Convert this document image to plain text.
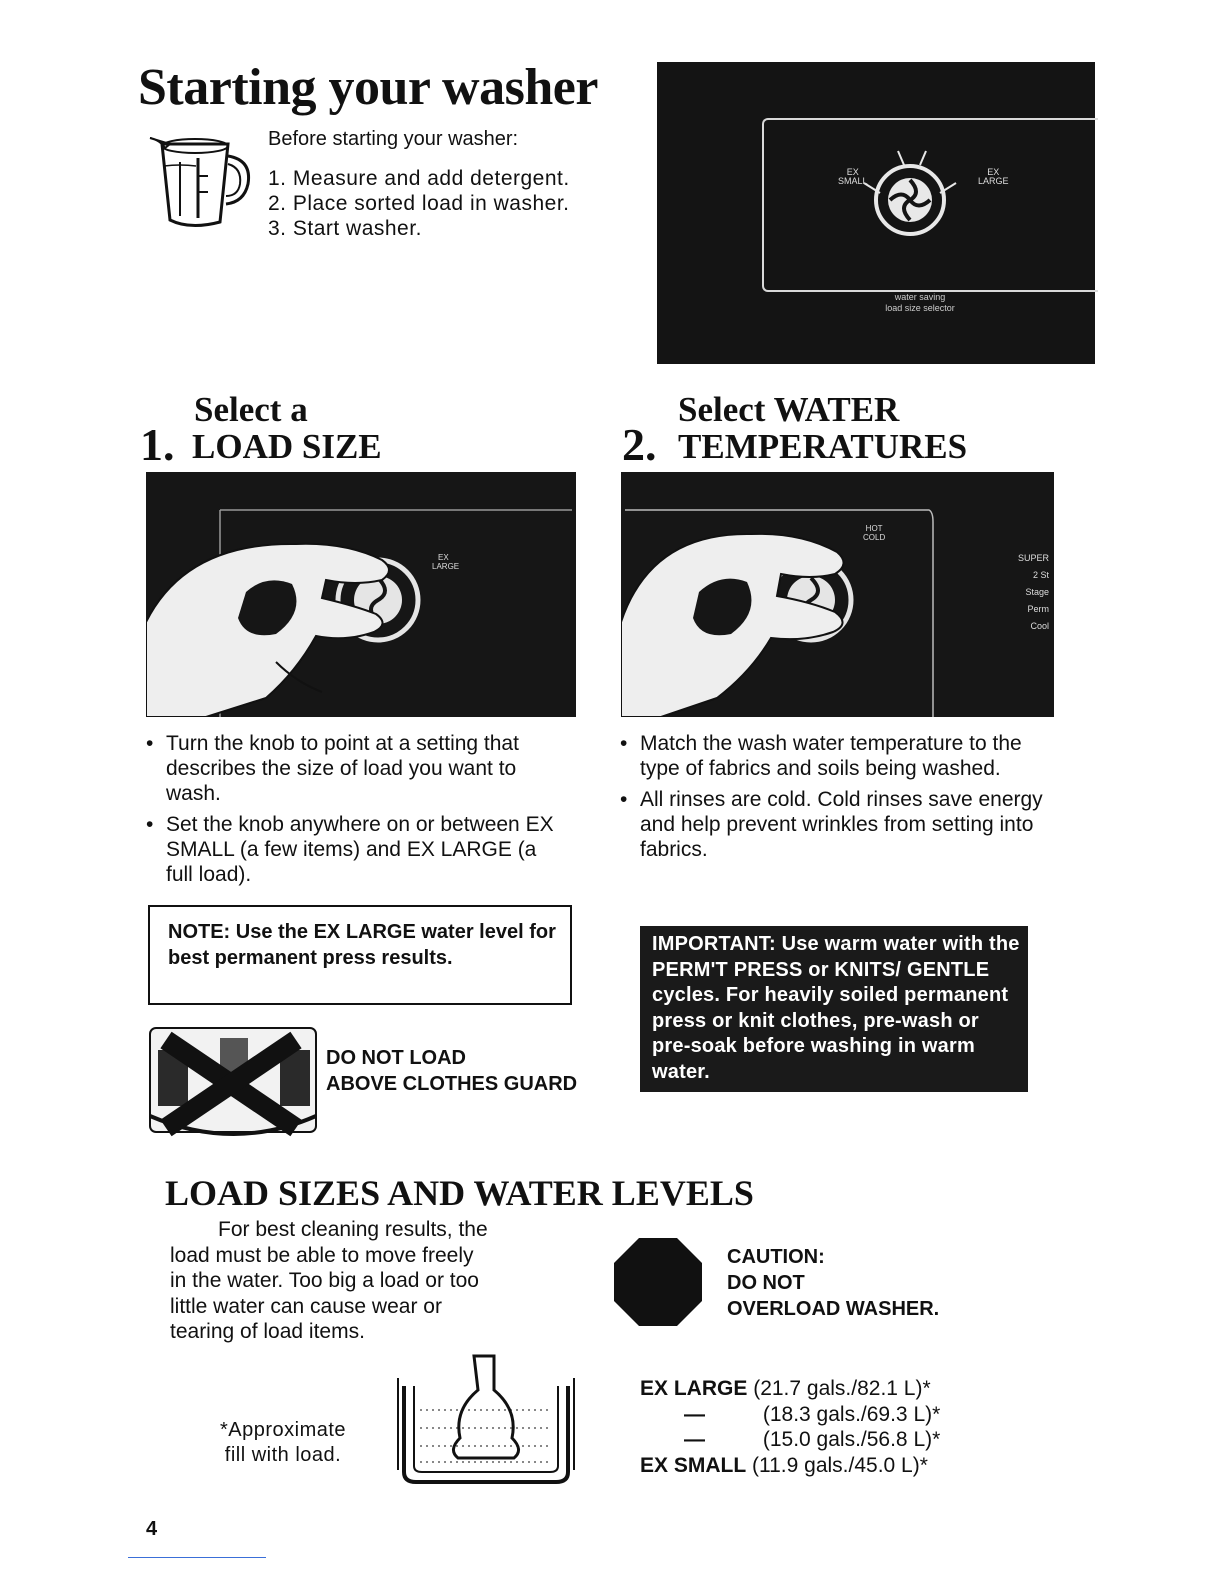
Starting your washer
Before starting your washer:
1. Measure and add detergent.
2. Place sorted load in washer.
3. Start washer.
EX
SMALL
EX
LARGE
water saving
load size selector
Select a
1. LOAD SIZE
Select WATER
2. TEMPERATURES
EX
LARGE
HOT
COLD
SUPER
2 St
Stage
Perm
Cool
• Turn the knob to point at a setting that describes the size of load you want to wash.
• Set the knob anywhere on or between EX SMALL (a few items) and EX LARGE (a full load).
• Match the wash water temperature to the type of fabrics and soils being washed.
• All rinses are cold. Cold rinses save energy and help prevent wrinkles from setting into fabrics.
NOTE: Use the EX LARGE water level for best permanent press results.
IMPORTANT: Use warm water with the PERM'T PRESS or KNITS/ GENTLE cycles. For heavily soiled permanent press or knit clothes, pre-wash or pre-soak before washing in warm water.
DO NOT LOAD
ABOVE CLOTHES GUARD
LOAD SIZES AND WATER LEVELS
For best cleaning results, the
load must be able to move freely
in the water. Too big a load or too
little water can cause wear or
tearing of load items.
CAUTION:
DO NOT
OVERLOAD WASHER.
*Approximate
fill with load.
EX LARGE (21.7 gals./82.1 L)*
—	(18.3 gals./69.3 L)*
—	(15.0 gals./56.8 L)*
EX SMALL (11.9 gals./45.0 L)*
4
